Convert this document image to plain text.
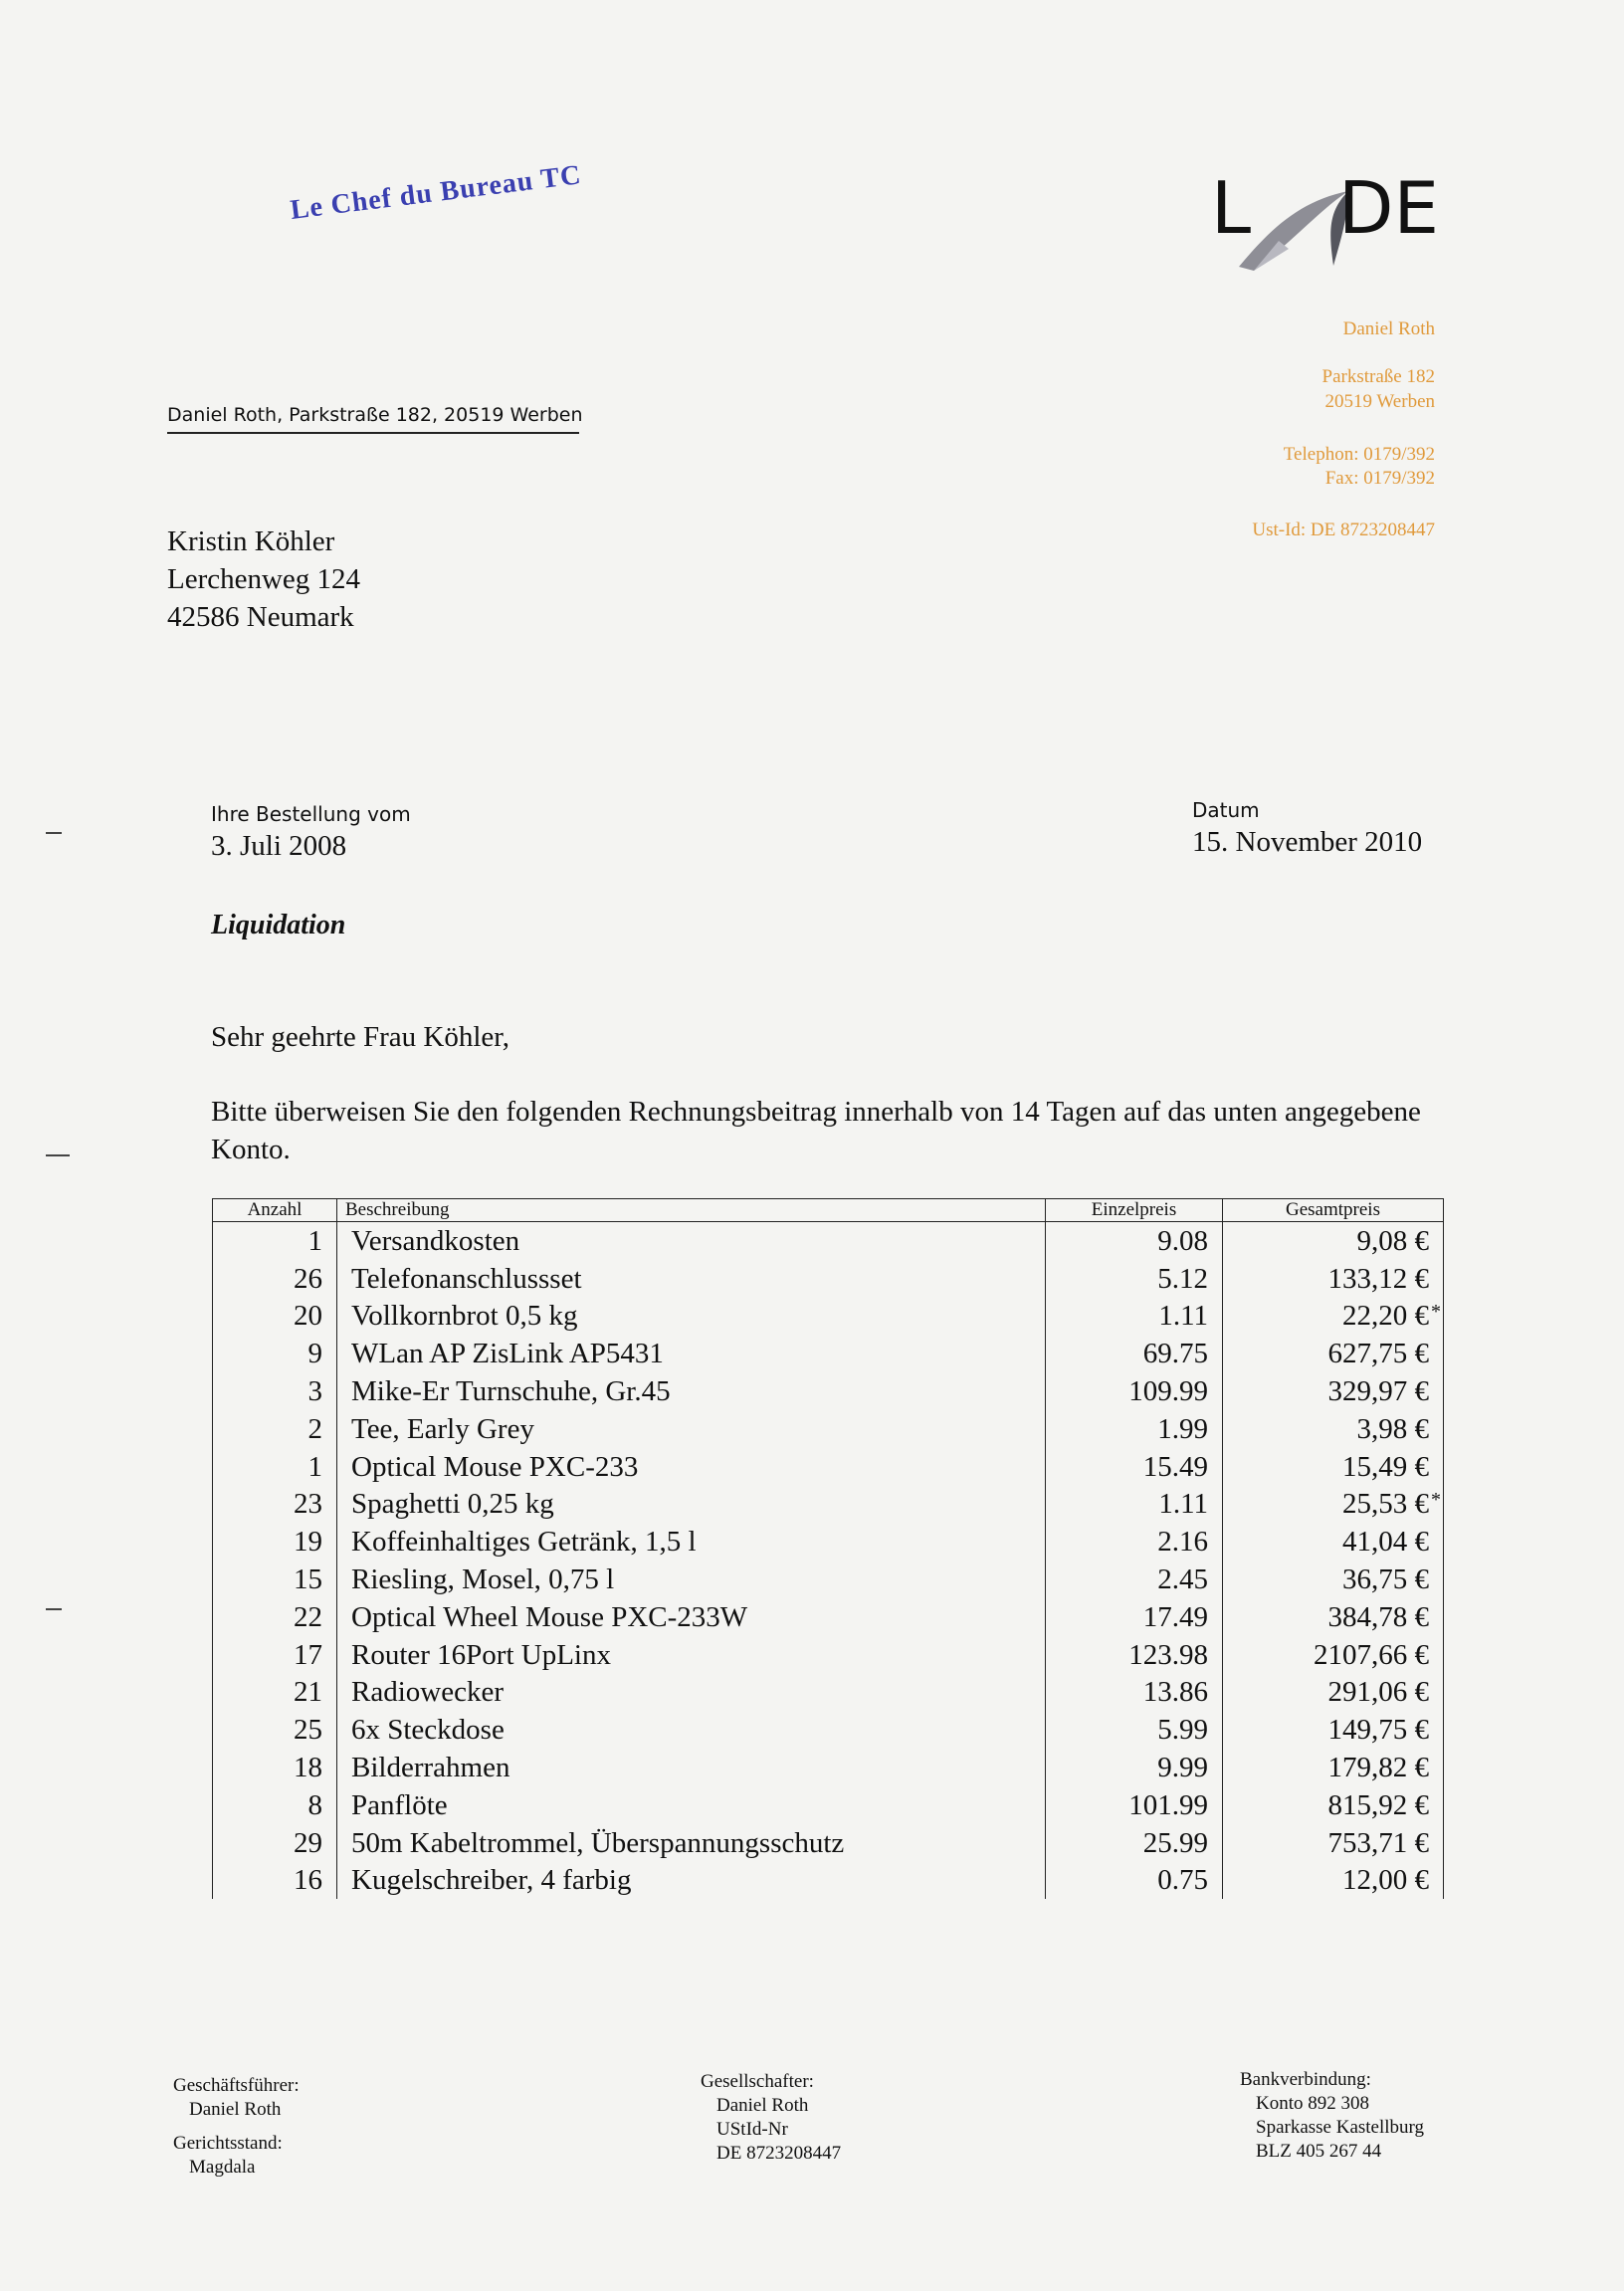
Le Chef du Bureau TC	L DE
Daniel Roth
Parkstraße 182
20519 Werben
Telephon: 0179/392
Fax: 0179/392
Ust-Id: DE 8723208447
Daniel Roth, Parkstraße 182, 20519 Werben
Kristin Köhler
Lerchenweg 124
42586 Neumark
Ihre Bestellung vom
3. Juli 2008
Datum
15. November 2010
Liquidation
Sehr geehrte Frau Köhler,
Bitte überweisen Sie den folgenden Rechnungsbeitrag innerhalb von 14 Tagen auf das unten angegebene Konto.
Anzahl	Beschreibung	Einzelpreis	Gesamtpreis
1	Versandkosten	9.08	9,08 €

26	Telefonanschlussset	5.12	133,12 €

20	Vollkornbrot 0,5 kg	1.11	22,20 € *

9	WLan AP ZisLink AP5431	69.75	627,75 €

3	Mike-Er Turnschuhe, Gr.45	109.99	329,97 €

2	Tee, Early Grey	1.99	3,98 €

1	Optical Mouse PXC-233	15.49	15,49 €

23	Spaghetti 0,25 kg	1.11	25,53 € *

19	Koffeinhaltiges Getränk, 1,5 l	2.16	41,04 €

15	Riesling, Mosel, 0,75 l	2.45	36,75 €

22	Optical Wheel Mouse PXC-233W	17.49	384,78 €

17	Router 16Port UpLinx	123.98	2107,66 €

21	Radiowecker	13.86	291,06 €

25	6x Steckdose	5.99	149,75 €

18	Bilderrahmen	9.99	179,82 €

8	Panflöte	101.99	815,92 €

29	50m Kabeltrommel, Überspannungsschutz	25.99	753,71 €

16	Kugelschreiber, 4 farbig	0.75	12,00 €
Geschäftsführer:
Daniel Roth
Gerichtsstand:
Magdala
Gesellschafter:
Daniel Roth
UStId-Nr
DE 8723208447
Bankverbindung:
Konto 892 308
Sparkasse Kastellburg
BLZ 405 267 44
